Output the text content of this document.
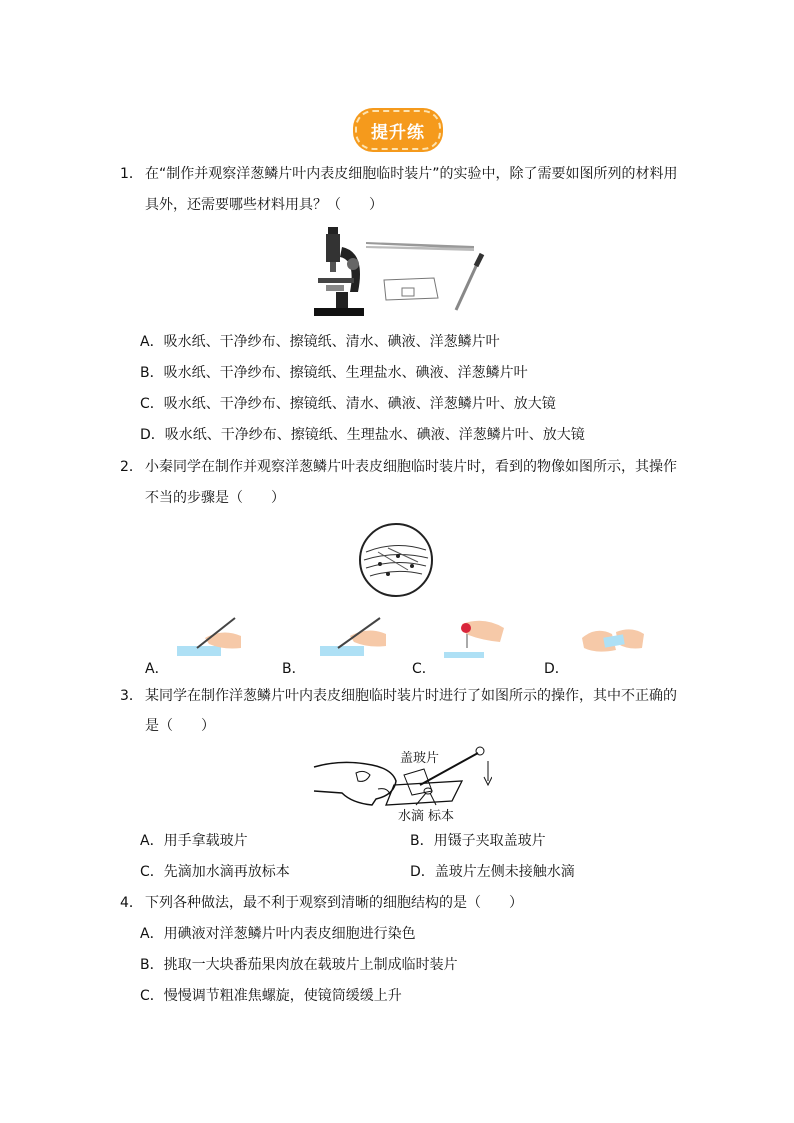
提升练
1． 在“制作并观察洋葱鳞片叶内表皮细胞临时装片”的实验中，除了需要如图所列的材料用
具外，还需要哪些材料用具？（　　）
A．吸水纸、干净纱布、擦镜纸、清水、碘液、洋葱鳞片叶
B．吸水纸、干净纱布、擦镜纸、生理盐水、碘液、洋葱鳞片叶
C．吸水纸、干净纱布、擦镜纸、清水、碘液、洋葱鳞片叶、放大镜
D．吸水纸、干净纱布、擦镜纸、生理盐水、碘液、洋葱鳞片叶、放大镜
2． 小秦同学在制作并观察洋葱鳞片叶表皮细胞临时装片时，看到的物像如图所示，其操作
不当的步骤是（　　）
A．	B．	C．	D．
3． 某同学在制作洋葱鳞片叶内表皮细胞临时装片时进行了如图所示的操作，其中不正确的
是（　　）
盖玻片
水滴 标本
A．用手拿载玻片	B．用镊子夹取盖玻片
C．先滴加水滴再放标本	D．盖玻片左侧未接触水滴
4． 下列各种做法，最不利于观察到清晰的细胞结构的是（　　）
A．用碘液对洋葱鳞片叶内表皮细胞进行染色
B．挑取一大块番茄果肉放在载玻片上制成临时装片
C．慢慢调节粗准焦螺旋，使镜筒缓缓上升
